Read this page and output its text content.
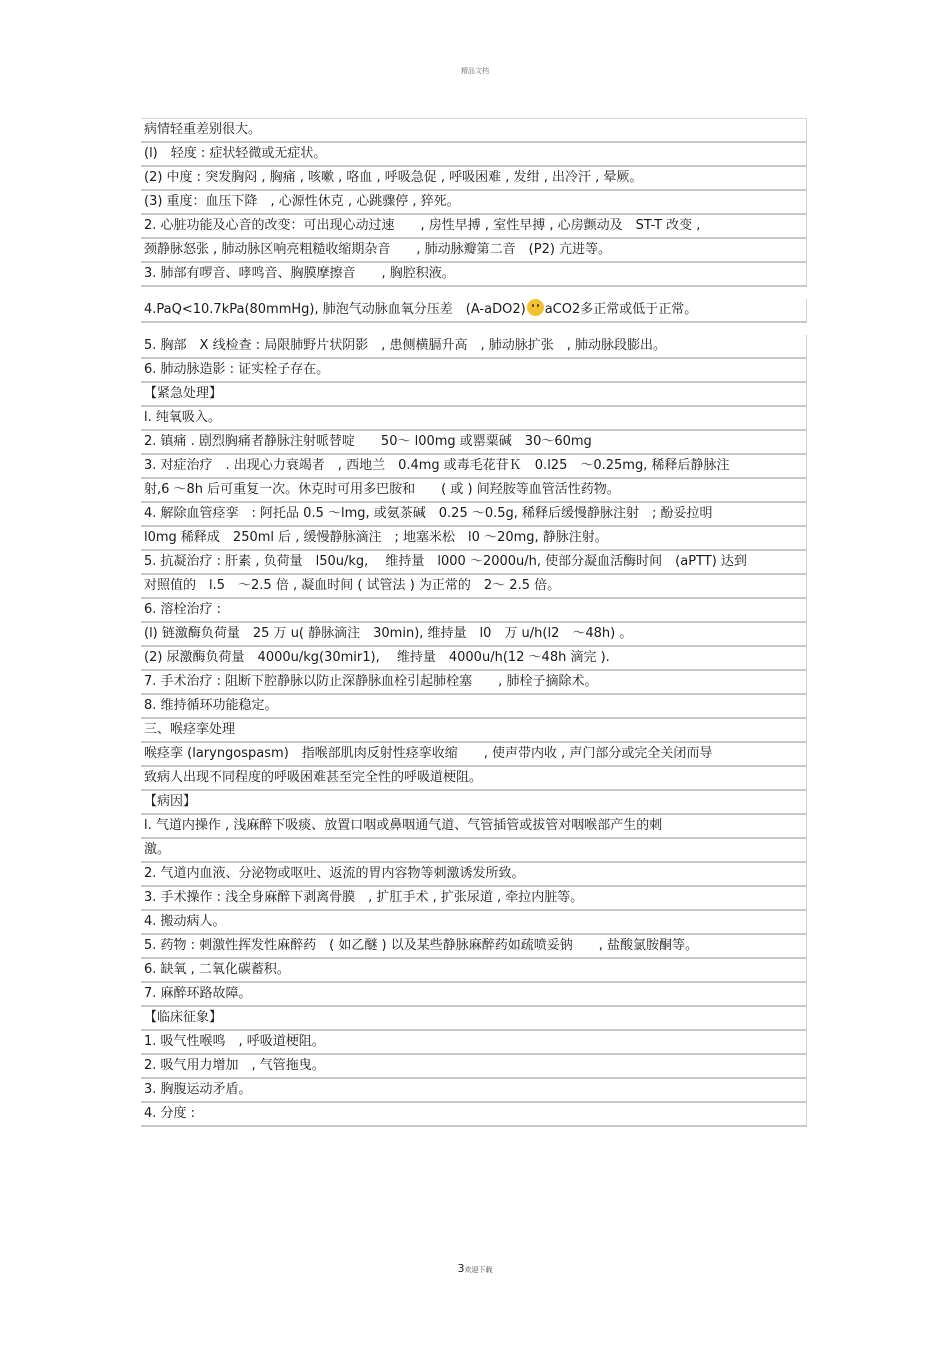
精品文档
病情轻重差别很大。
(l)　轻度 : 症状轻微或无症状。
(2) 中度 : 突发胸闷 , 胸痛 , 咳嗽 , 咯血 , 呼吸急促 , 呼吸困难 , 发绀 , 出冷汗 , 晕厥。
(3) 重度：血压下降　, 心源性休克 , 心跳骤停 , 猝死。
2. 心脏功能及心音的改变：可出现心动过速　　, 房性早搏 , 室性早搏 , 心房颤动及　ST-T 改变 ,
颈静脉怒张 , 肺动脉区响亮粗糙收缩期杂音　　, 肺动脉瓣第二音　(P2) 亢进等。
3. 肺部有啰音、哮鸣音、胸膜摩擦音　　, 胸腔积液。
4.PaQ<10.7kPa(80mmHg), 肺泡气动脉血氧分压差　(A-aDO2) aCO2多正常或低于正常。
5. 胸部　X 线检查 : 局限肺野片状阴影　, 患侧横膈升高　, 肺动脉扩张　, 肺动脉段膨出。
6. 肺动脉造影 : 证实栓子存在。
【紧急处理】
l. 纯氧吸入。
2. 镇痛 . 剧烈胸痛者静脉注射哌替啶　　50～ l00mg 或罂粟碱　30～60mg
3. 对症治疗　. 出现心力衰竭者　, 西地兰　0.4mg 或毒毛花苷Ｋ　0.l25　～0.25mg, 稀释后静脉注
射,6 ～8h 后可重复一次。休克时可用多巴胺和　　( 或 ) 间羟胺等血管活性药物。
4. 解除血管痉挛　: 阿托品 0.5 ～lmg, 或氨茶碱　0.25 ～0.5g, 稀释后缓慢静脉注射　; 酚妥拉明
l0mg 稀释成　250ml 后 , 缓慢静脉滴注　; 地塞米松　l0 ～20mg, 静脉注射。
5. 抗凝治疗 : 肝素 , 负荷量　l50u/kg,　 维持量　l000 ～2000u/h, 使部分凝血活酶时间　(aPTT) 达到
对照值的　l.5　～2.5 倍 , 凝血时间 ( 试管法 ) 为正常的　2～ 2.5 倍。
6. 溶栓治疗 :
(l) 链激酶负荷量　25 万 u( 静脉滴注　30min), 维持量　l0　万 u/h(l2　～48h) 。
(2) 尿激酶负荷量　4000u/kg(30mir1),　 维持量　4000u/h(12 ～48h 滴完 ).
7. 手术治疗 : 阻断下腔静脉以防止深静脉血栓引起肺栓塞　　, 肺栓子摘除术。
8. 维持循环功能稳定。
三、喉痉挛处理
喉痉挛 (laryngospasm)　指喉部肌肉反射性痉挛收缩　　, 使声带内收 , 声门部分或完全关闭而导
致病人出现不同程度的呼吸困难甚至完全性的呼吸道梗阻。
【病因】
l. 气道内操作 , 浅麻醉下吸痰、放置口咽或鼻咽通气道、气管插管或拔管对咽喉部产生的刺
激。
2. 气道内血液、分泌物或呕吐、返流的胃内容物等刺激诱发所致。
3. 手术操作 : 浅全身麻醉下剥离骨膜　, 扩肛手术 , 扩张尿道 , 牵拉内脏等。
4. 搬动病人。
5. 药物 : 刺激性挥发性麻醉药　( 如乙醚 ) 以及某些静脉麻醉药如疏喷妥钠　　, 盐酸氯胺酮等。
6. 缺氧 , 二氧化碳蓄积。
7. 麻醉环路故障。
【临床征象】
1. 吸气性喉鸣　, 呼吸道梗阻。
2. 吸气用力增加　, 气管拖曳。
3. 胸腹运动矛盾。
4. 分度 :
3欢迎下载
